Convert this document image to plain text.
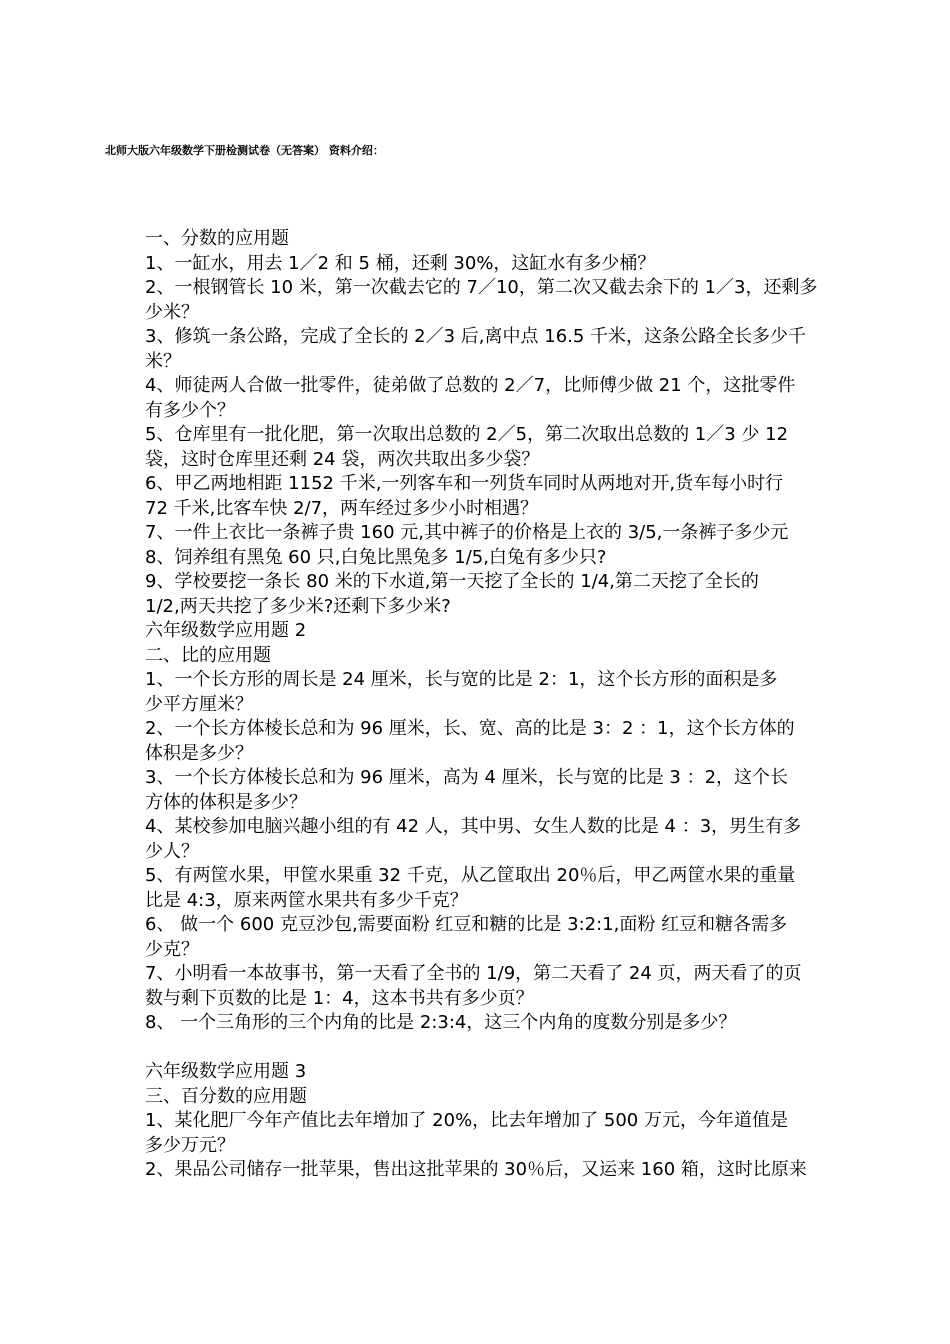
北师大版六年级数学下册检测试卷（无答案） 资料介绍：
一、分数的应用题
1、一缸水，用去 1／2 和 5 桶，还剩 30%，这缸水有多少桶？
2、一根钢管长 10 米，第一次截去它的 7／10，第二次又截去余下的 1／3，还剩多
少米？
3、修筑一条公路，完成了全长的 2／3 后,离中点 16.5 千米，这条公路全长多少千
米？
4、师徒两人合做一批零件，徒弟做了总数的 2／7，比师傅少做 21 个，这批零件
有多少个？
5、仓库里有一批化肥，第一次取出总数的 2／5，第二次取出总数的 1／3 少 12
袋，这时仓库里还剩 24 袋，两次共取出多少袋？
6、甲乙两地相距 1152 千米,一列客车和一列货车同时从两地对开,货车每小时行
72 千米,比客车快 2/7，两车经过多少小时相遇？
7、一件上衣比一条裤子贵 160 元,其中裤子的价格是上衣的 3/5,一条裤子多少元
8、饲养组有黑兔 60 只,白兔比黑兔多 1/5,白兔有多少只?
9、学校要挖一条长 80 米的下水道,第一天挖了全长的 1/4,第二天挖了全长的
1/2,两天共挖了多少米?还剩下多少米?
六年级数学应用题 2
二、比的应用题
1、一个长方形的周长是 24 厘米，长与宽的比是 2：1，这个长方形的面积是多
少平方厘米？
2、一个长方体棱长总和为 96 厘米，长、宽、高的比是 3：2 ：1，这个长方体的
体积是多少？
3、一个长方体棱长总和为 96 厘米，高为 4 厘米，长与宽的比是 3 ：2，这个长
方体的体积是多少？
4、某校参加电脑兴趣小组的有 42 人，其中男、女生人数的比是 4 ：3，男生有多
少人？
5、有两筐水果，甲筐水果重 32 千克，从乙筐取出 20％后，甲乙两筐水果的重量
比是 4:3，原来两筐水果共有多少千克？
6、 做一个 600 克豆沙包,需要面粉 红豆和糖的比是 3:2:1,面粉 红豆和糖各需多
少克？
7、小明看一本故事书，第一天看了全书的 1/9，第二天看了 24 页，两天看了的页
数与剩下页数的比是 1：4，这本书共有多少页？
8、 一个三角形的三个内角的比是 2:3:4，这三个内角的度数分别是多少？
六年级数学应用题 3
三、百分数的应用题
1、某化肥厂今年产值比去年增加了 20%，比去年增加了 500 万元，今年道值是
多少万元？
2、果品公司储存一批苹果，售出这批苹果的 30％后，又运来 160 箱，这时比原来
